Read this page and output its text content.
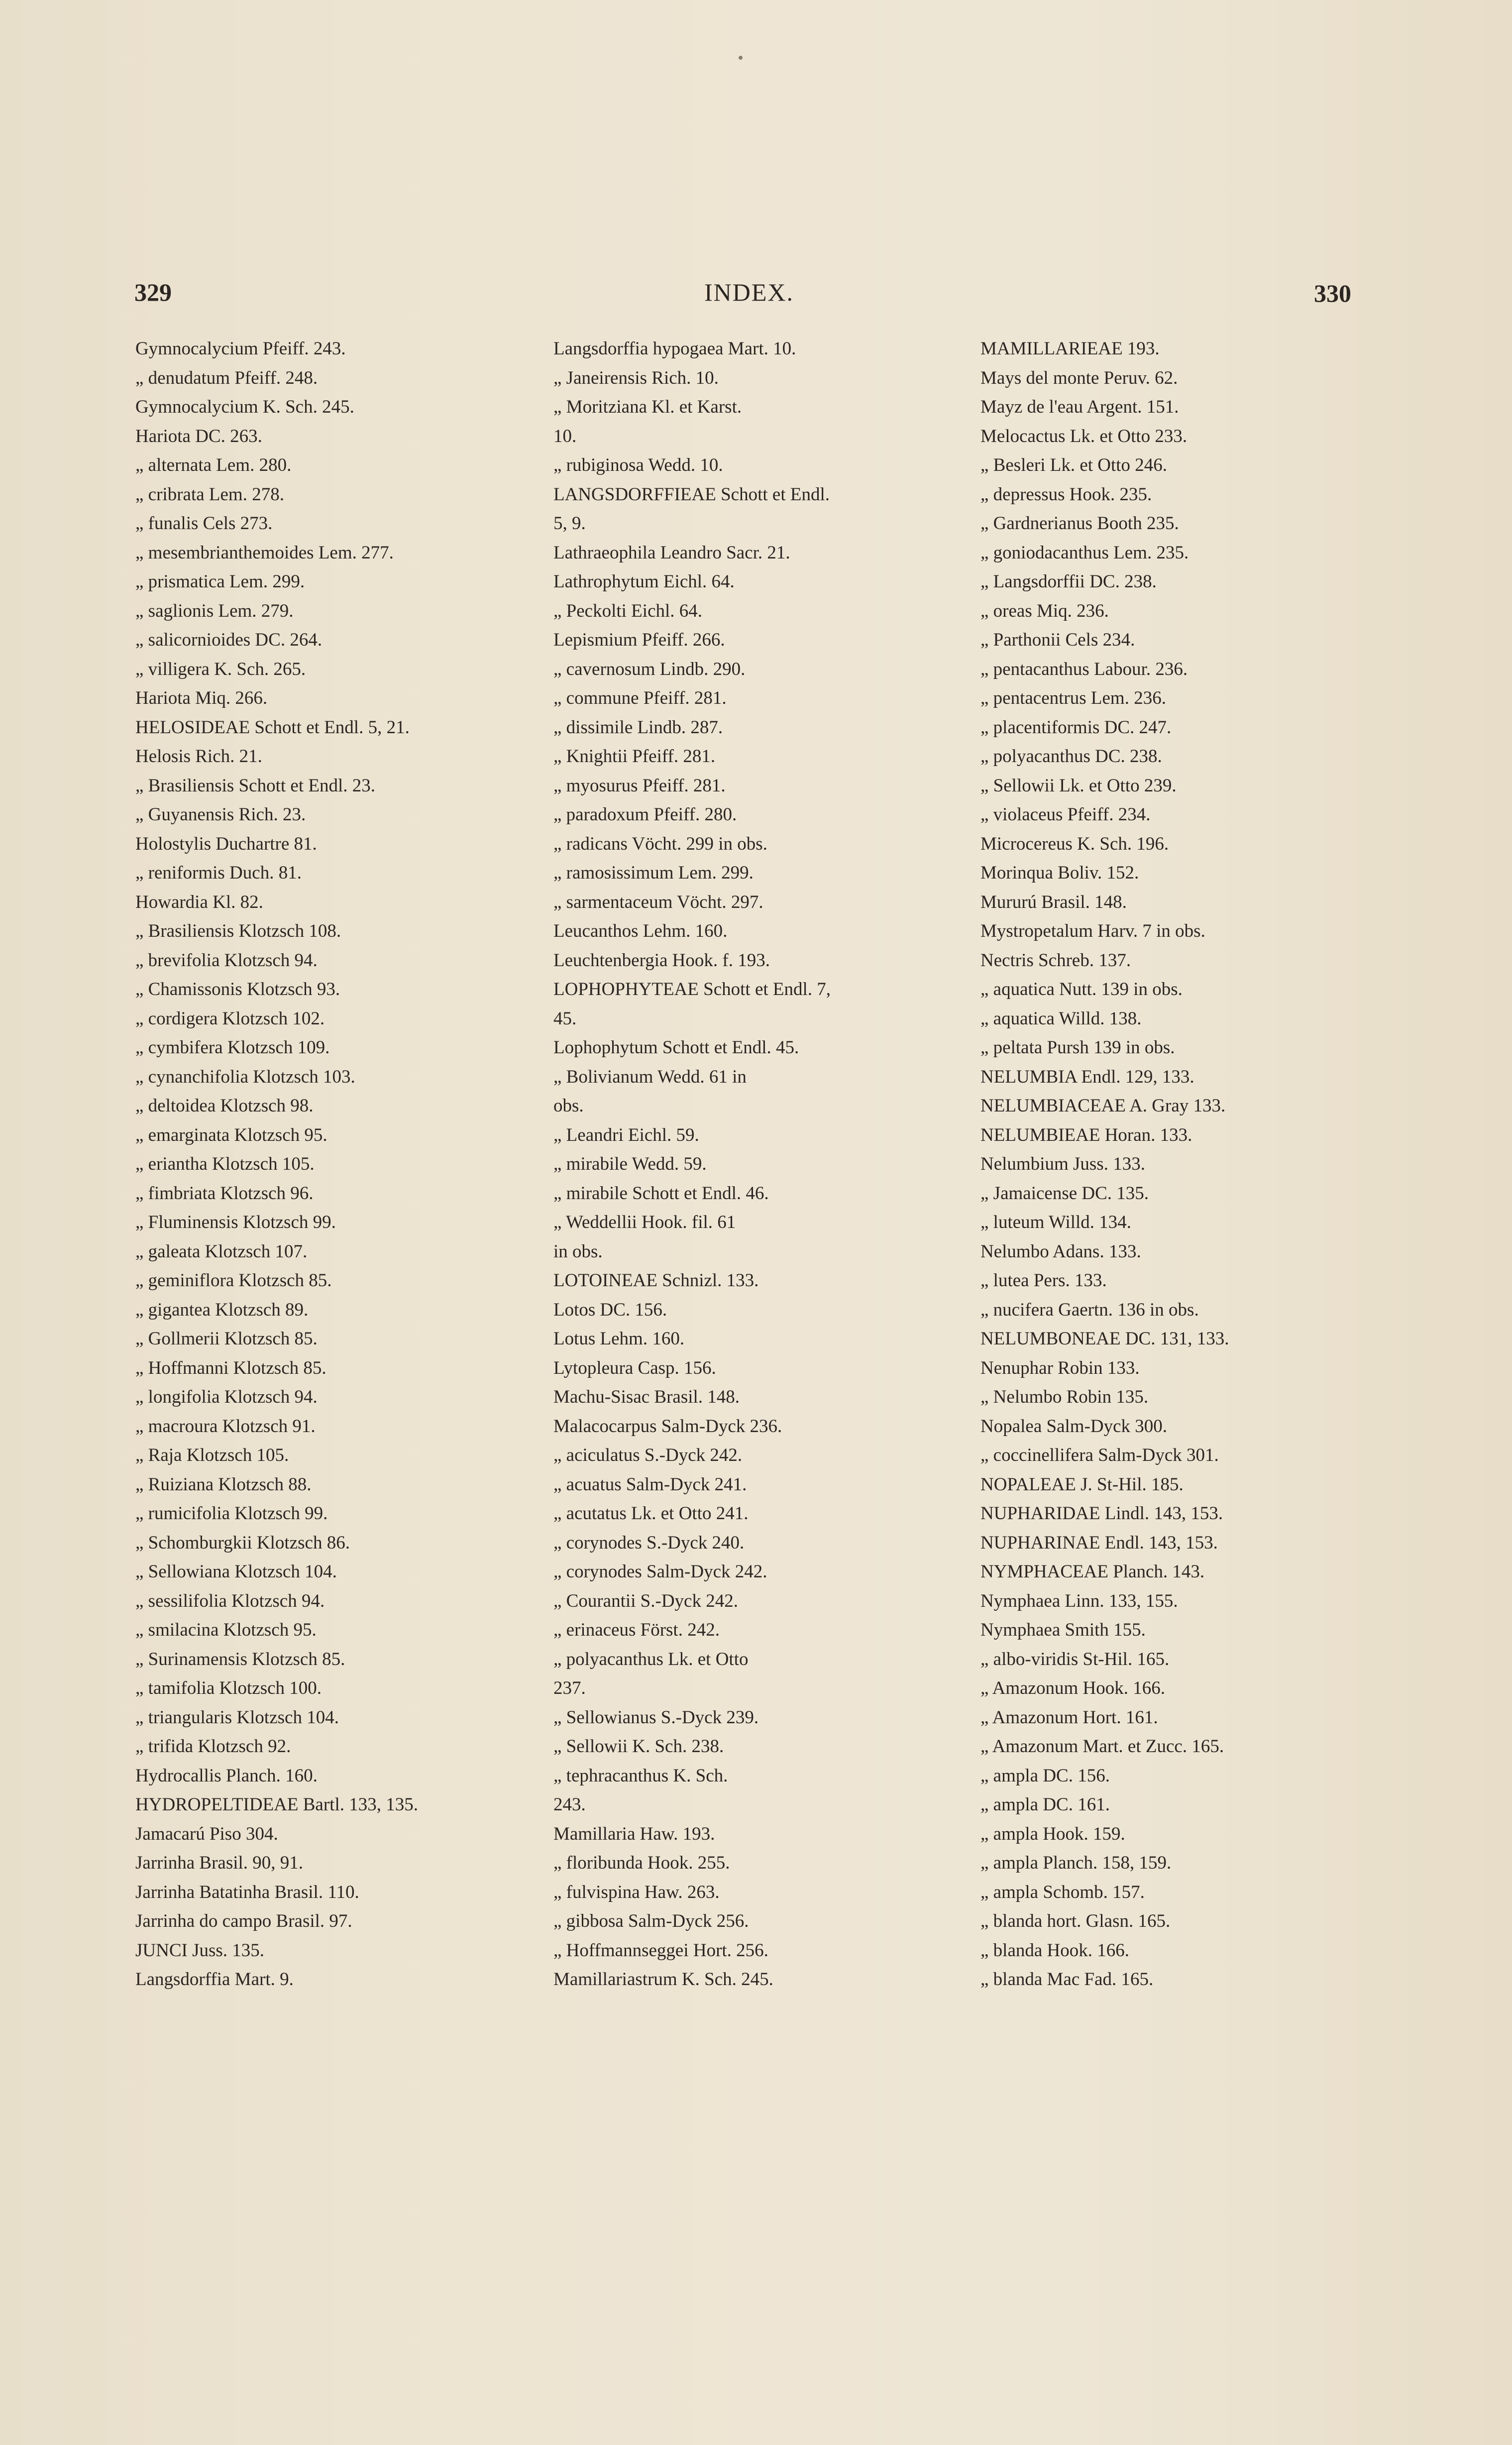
329	INDEX.	330
Gymnocalycium Pfeiff. 243.
„ denudatum Pfeiff. 248.
Gymnocalycium K. Sch. 245.
Hariota DC. 263.
„ alternata Lem. 280.
„ cribrata Lem. 278.
„ funalis Cels 273.
„ mesembrianthemoides Lem. 277.
„ prismatica Lem. 299.
„ saglionis Lem. 279.
„ salicornioides DC. 264.
„ villigera K. Sch. 265.
Hariota Miq. 266.
HELOSIDEAE Schott et Endl. 5, 21.
Helosis Rich. 21.
„ Brasiliensis Schott et Endl. 23.
„ Guyanensis Rich. 23.
Holostylis Duchartre 81.
„ reniformis Duch. 81.
Howardia Kl. 82.
„ Brasiliensis Klotzsch 108.
„ brevifolia Klotzsch 94.
„ Chamissonis Klotzsch 93.
„ cordigera Klotzsch 102.
„ cymbifera Klotzsch 109.
„ cynanchifolia Klotzsch 103.
„ deltoidea Klotzsch 98.
„ emarginata Klotzsch 95.
„ eriantha Klotzsch 105.
„ fimbriata Klotzsch 96.
„ Fluminensis Klotzsch 99.
„ galeata Klotzsch 107.
„ geminiflora Klotzsch 85.
„ gigantea Klotzsch 89.
„ Gollmerii Klotzsch 85.
„ Hoffmanni Klotzsch 85.
„ longifolia Klotzsch 94.
„ macroura Klotzsch 91.
„ Raja Klotzsch 105.
„ Ruiziana Klotzsch 88.
„ rumicifolia Klotzsch 99.
„ Schomburgkii Klotzsch 86.
„ Sellowiana Klotzsch 104.
„ sessilifolia Klotzsch 94.
„ smilacina Klotzsch 95.
„ Surinamensis Klotzsch 85.
„ tamifolia Klotzsch 100.
„ triangularis Klotzsch 104.
„ trifida Klotzsch 92.
Hydrocallis Planch. 160.
HYDROPELTIDEAE Bartl. 133, 135.
Jamacarú Piso 304.
Jarrinha Brasil. 90, 91.
Jarrinha Batatinha Brasil. 110.
Jarrinha do campo Brasil. 97.
JUNCI Juss. 135.
Langsdorffia Mart. 9.
Langsdorffia hypogaea Mart. 10.
„ Janeirensis Rich. 10.
„ Moritziana Kl. et Karst.
10.
„ rubiginosa Wedd. 10.
LANGSDORFFIEAE Schott et Endl.
5, 9.
Lathraeophila Leandro Sacr. 21.
Lathrophytum Eichl. 64.
„ Peckolti Eichl. 64.
Lepismium Pfeiff. 266.
„ cavernosum Lindb. 290.
„ commune Pfeiff. 281.
„ dissimile Lindb. 287.
„ Knightii Pfeiff. 281.
„ myosurus Pfeiff. 281.
„ paradoxum Pfeiff. 280.
„ radicans Vöcht. 299 in obs.
„ ramosissimum Lem. 299.
„ sarmentaceum Vöcht. 297.
Leucanthos Lehm. 160.
Leuchtenbergia Hook. f. 193.
LOPHOPHYTEAE Schott et Endl. 7,
45.
Lophophytum Schott et Endl. 45.
„ Bolivianum Wedd. 61 in
obs.
„ Leandri Eichl. 59.
„ mirabile Wedd. 59.
„ mirabile Schott et Endl. 46.
„ Weddellii Hook. fil. 61
in obs.
LOTOINEAE Schnizl. 133.
Lotos DC. 156.
Lotus Lehm. 160.
Lytopleura Casp. 156.
Machu-Sisac Brasil. 148.
Malacocarpus Salm-Dyck 236.
„ aciculatus S.-Dyck 242.
„ acuatus Salm-Dyck 241.
„ acutatus Lk. et Otto 241.
„ corynodes S.-Dyck 240.
„ corynodes Salm-Dyck 242.
„ Courantii S.-Dyck 242.
„ erinaceus Först. 242.
„ polyacanthus Lk. et Otto
237.
„ Sellowianus S.-Dyck 239.
„ Sellowii K. Sch. 238.
„ tephracanthus K. Sch.
243.
Mamillaria Haw. 193.
„ floribunda Hook. 255.
„ fulvispina Haw. 263.
„ gibbosa Salm-Dyck 256.
„ Hoffmannseggei Hort. 256.
Mamillariastrum K. Sch. 245.
MAMILLARIEAE 193.
Mays del monte Peruv. 62.
Mayz de l'eau Argent. 151.
Melocactus Lk. et Otto 233.
„ Besleri Lk. et Otto 246.
„ depressus Hook. 235.
„ Gardnerianus Booth 235.
„ goniodacanthus Lem. 235.
„ Langsdorffii DC. 238.
„ oreas Miq. 236.
„ Parthonii Cels 234.
„ pentacanthus Labour. 236.
„ pentacentrus Lem. 236.
„ placentiformis DC. 247.
„ polyacanthus DC. 238.
„ Sellowii Lk. et Otto 239.
„ violaceus Pfeiff. 234.
Microcereus K. Sch. 196.
Morinqua Boliv. 152.
Mururú Brasil. 148.
Mystropetalum Harv. 7 in obs.
Nectris Schreb. 137.
„ aquatica Nutt. 139 in obs.
„ aquatica Willd. 138.
„ peltata Pursh 139 in obs.
NELUMBIA Endl. 129, 133.
NELUMBIACEAE A. Gray 133.
NELUMBIEAE Horan. 133.
Nelumbium Juss. 133.
„ Jamaicense DC. 135.
„ luteum Willd. 134.
Nelumbo Adans. 133.
„ lutea Pers. 133.
„ nucifera Gaertn. 136 in obs.
NELUMBONEAE DC. 131, 133.
Nenuphar Robin 133.
„ Nelumbo Robin 135.
Nopalea Salm-Dyck 300.
„ coccinellifera Salm-Dyck 301.
NOPALEAE J. St-Hil. 185.
NUPHARIDAE Lindl. 143, 153.
NUPHARINAE Endl. 143, 153.
NYMPHACEAE Planch. 143.
Nymphaea Linn. 133, 155.
Nymphaea Smith 155.
„ albo-viridis St-Hil. 165.
„ Amazonum Hook. 166.
„ Amazonum Hort. 161.
„ Amazonum Mart. et Zucc. 165.
„ ampla DC. 156.
„ ampla DC. 161.
„ ampla Hook. 159.
„ ampla Planch. 158, 159.
„ ampla Schomb. 157.
„ blanda hort. Glasn. 165.
„ blanda Hook. 166.
„ blanda Mac Fad. 165.
